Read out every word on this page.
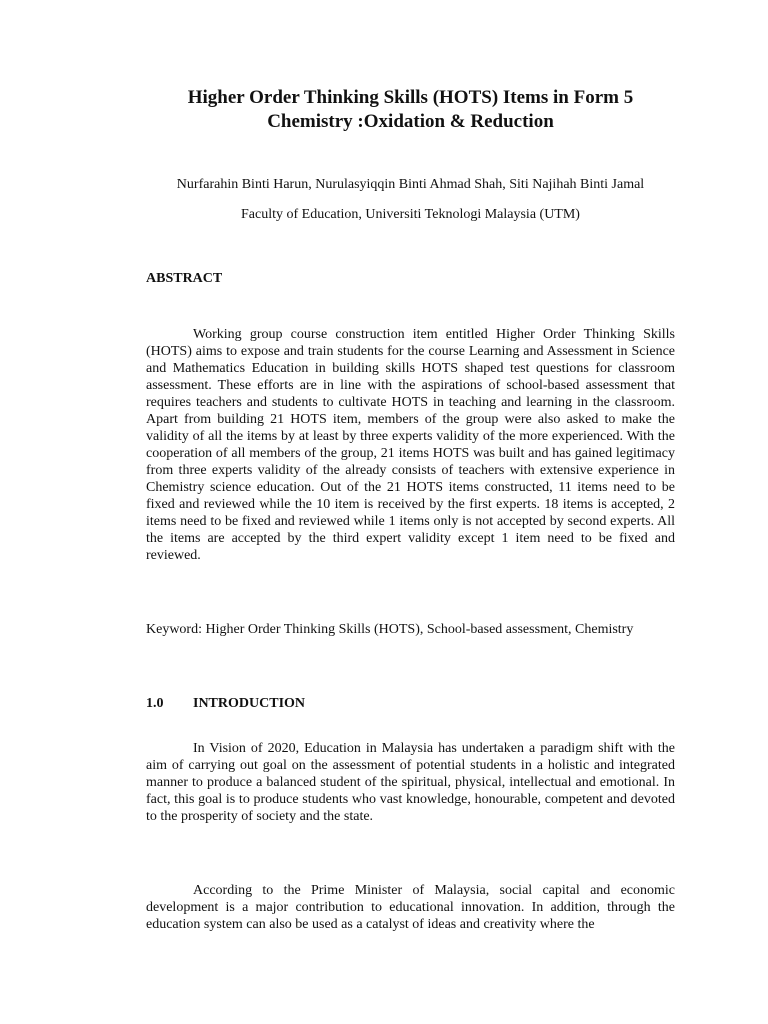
Higher Order Thinking Skills (HOTS) Items in Form 5 Chemistry :Oxidation & Reduction
Nurfarahin Binti Harun, Nurulasyiqqin Binti Ahmad Shah, Siti Najihah Binti Jamal
Faculty of Education, Universiti Teknologi Malaysia (UTM)
ABSTRACT

Working group course construction item entitled Higher Order Thinking Skills (HOTS) aims to expose and train students for the course Learning and Assessment in Science and Mathematics Education in building skills HOTS shaped test questions for classroom assessment. These efforts are in line with the aspirations of school-based assessment that requires teachers and students to cultivate HOTS in teaching and learning in the classroom. Apart from building 21 HOTS item, members of the group were also asked to make the validity of all the items by at least by three experts validity of the more experienced. With the cooperation of all members of the group, 21 items HOTS was built and has gained legitimacy from three experts validity of the already consists of teachers with extensive experience in Chemistry science education. Out of the 21 HOTS items constructed, 11 items need to be fixed and reviewed while the 10 item is received by the first experts. 18 items is accepted, 2 items need to be fixed and reviewed while 1 items only is not accepted by second experts. All the items are accepted by the third expert validity except 1 item need to be fixed and reviewed.

Keyword: Higher Order Thinking Skills (HOTS), School-based assessment, Chemistry

1.0 INTRODUCTION

In Vision of 2020, Education in Malaysia has undertaken a paradigm shift with the aim of carrying out goal on the assessment of potential students in a holistic and integrated manner to produce a balanced student of the spiritual, physical, intellectual and emotional. In fact, this goal is to produce students who vast knowledge, honourable, competent and devoted to the prosperity of society and the state.

According to the Prime Minister of Malaysia, social capital and economic development is a major contribution to educational innovation. In addition, through the education system can also be used as a catalyst of ideas and creativity where the
